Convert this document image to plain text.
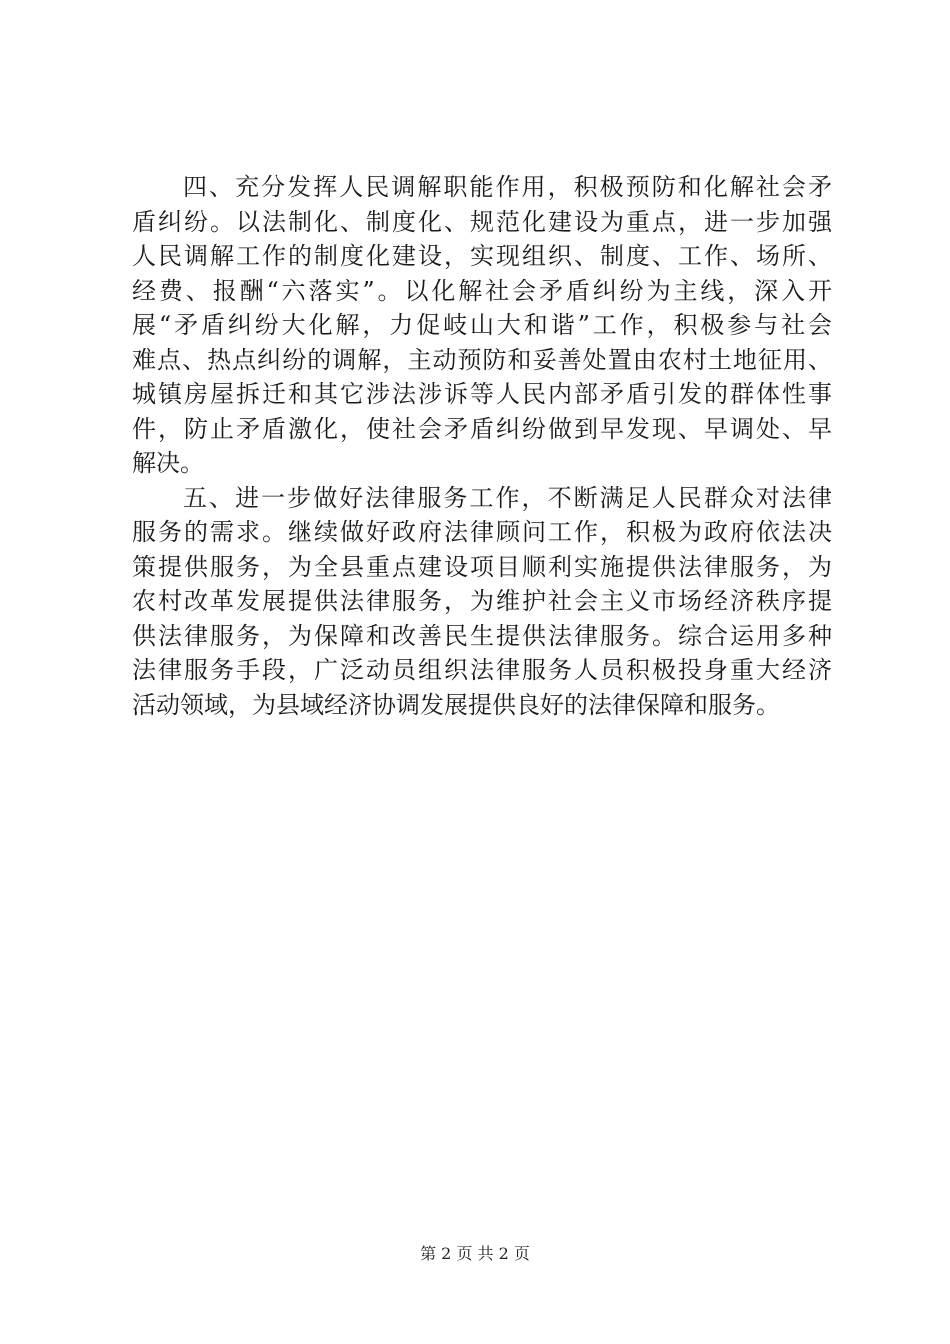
四、充分发挥人民调解职能作用，积极预防和化解社会矛
盾纠纷。以法制化、制度化、规范化建设为重点，进一步加强
人民调解工作的制度化建设，实现组织、制度、工作、场所、
经费、报酬“六落实”。以化解社会矛盾纠纷为主线，深入开
展“矛盾纠纷大化解，力促岐山大和谐”工作，积极参与社会
难点、热点纠纷的调解，主动预防和妥善处置由农村土地征用、
城镇房屋拆迁和其它涉法涉诉等人民内部矛盾引发的群体性事
件，防止矛盾激化，使社会矛盾纠纷做到早发现、早调处、早
解决。
五、进一步做好法律服务工作，不断满足人民群众对法律
服务的需求。继续做好政府法律顾问工作，积极为政府依法决
策提供服务，为全县重点建设项目顺利实施提供法律服务，为
农村改革发展提供法律服务，为维护社会主义市场经济秩序提
供法律服务，为保障和改善民生提供法律服务。综合运用多种
法律服务手段，广泛动员组织法律服务人员积极投身重大经济
活动领域，为县域经济协调发展提供良好的法律保障和服务。
第 2 页 共 2 页
